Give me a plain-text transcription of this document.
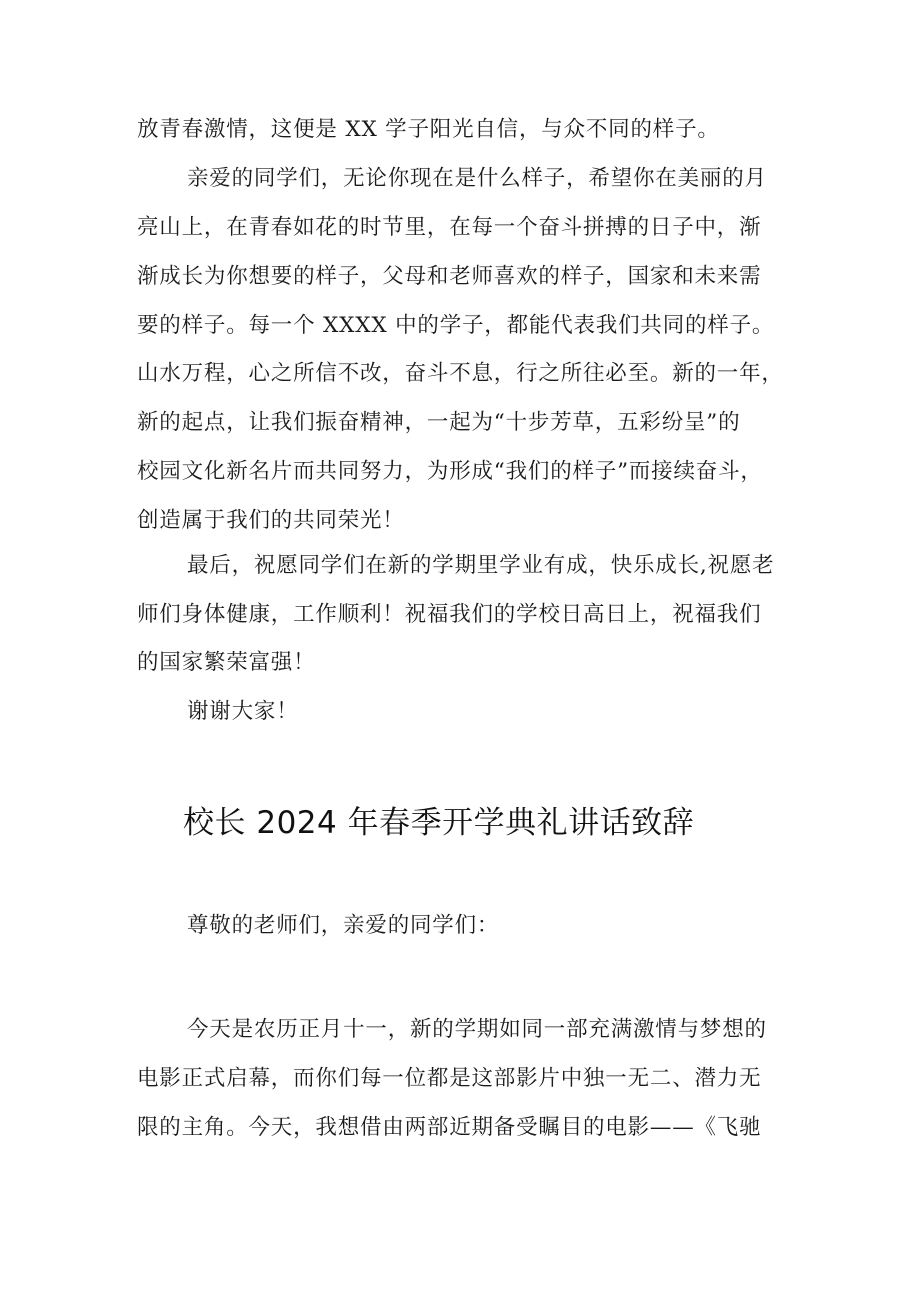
放青春激情，这便是 XX 学子阳光自信，与众不同的样子。
亲爱的同学们，无论你现在是什么样子，希望你在美丽的月
亮山上，在青春如花的时节里，在每一个奋斗拼搏的日子中，渐
渐成长为你想要的样子，父母和老师喜欢的样子，国家和未来需
要的样子。每一个 XXXX 中的学子，都能代表我们共同的样子。
山水万程，心之所信不改，奋斗不息，行之所往必至。新的一年，
新的起点，让我们振奋精神，一起为“十步芳草，五彩纷呈”的
校园文化新名片而共同努力，为形成“我们的样子”而接续奋斗，
创造属于我们的共同荣光！
最后，祝愿同学们在新的学期里学业有成，快乐成长,祝愿老
师们身体健康，工作顺利！祝福我们的学校日高日上，祝福我们
的国家繁荣富强！
谢谢大家！
校长 2024 年春季开学典礼讲话致辞
尊敬的老师们，亲爱的同学们：
今天是农历正月十一，新的学期如同一部充满激情与梦想的
电影正式启幕，而你们每一位都是这部影片中独一无二、潜力无
限的主角。今天，我想借由两部近期备受瞩目的电影——《飞驰
